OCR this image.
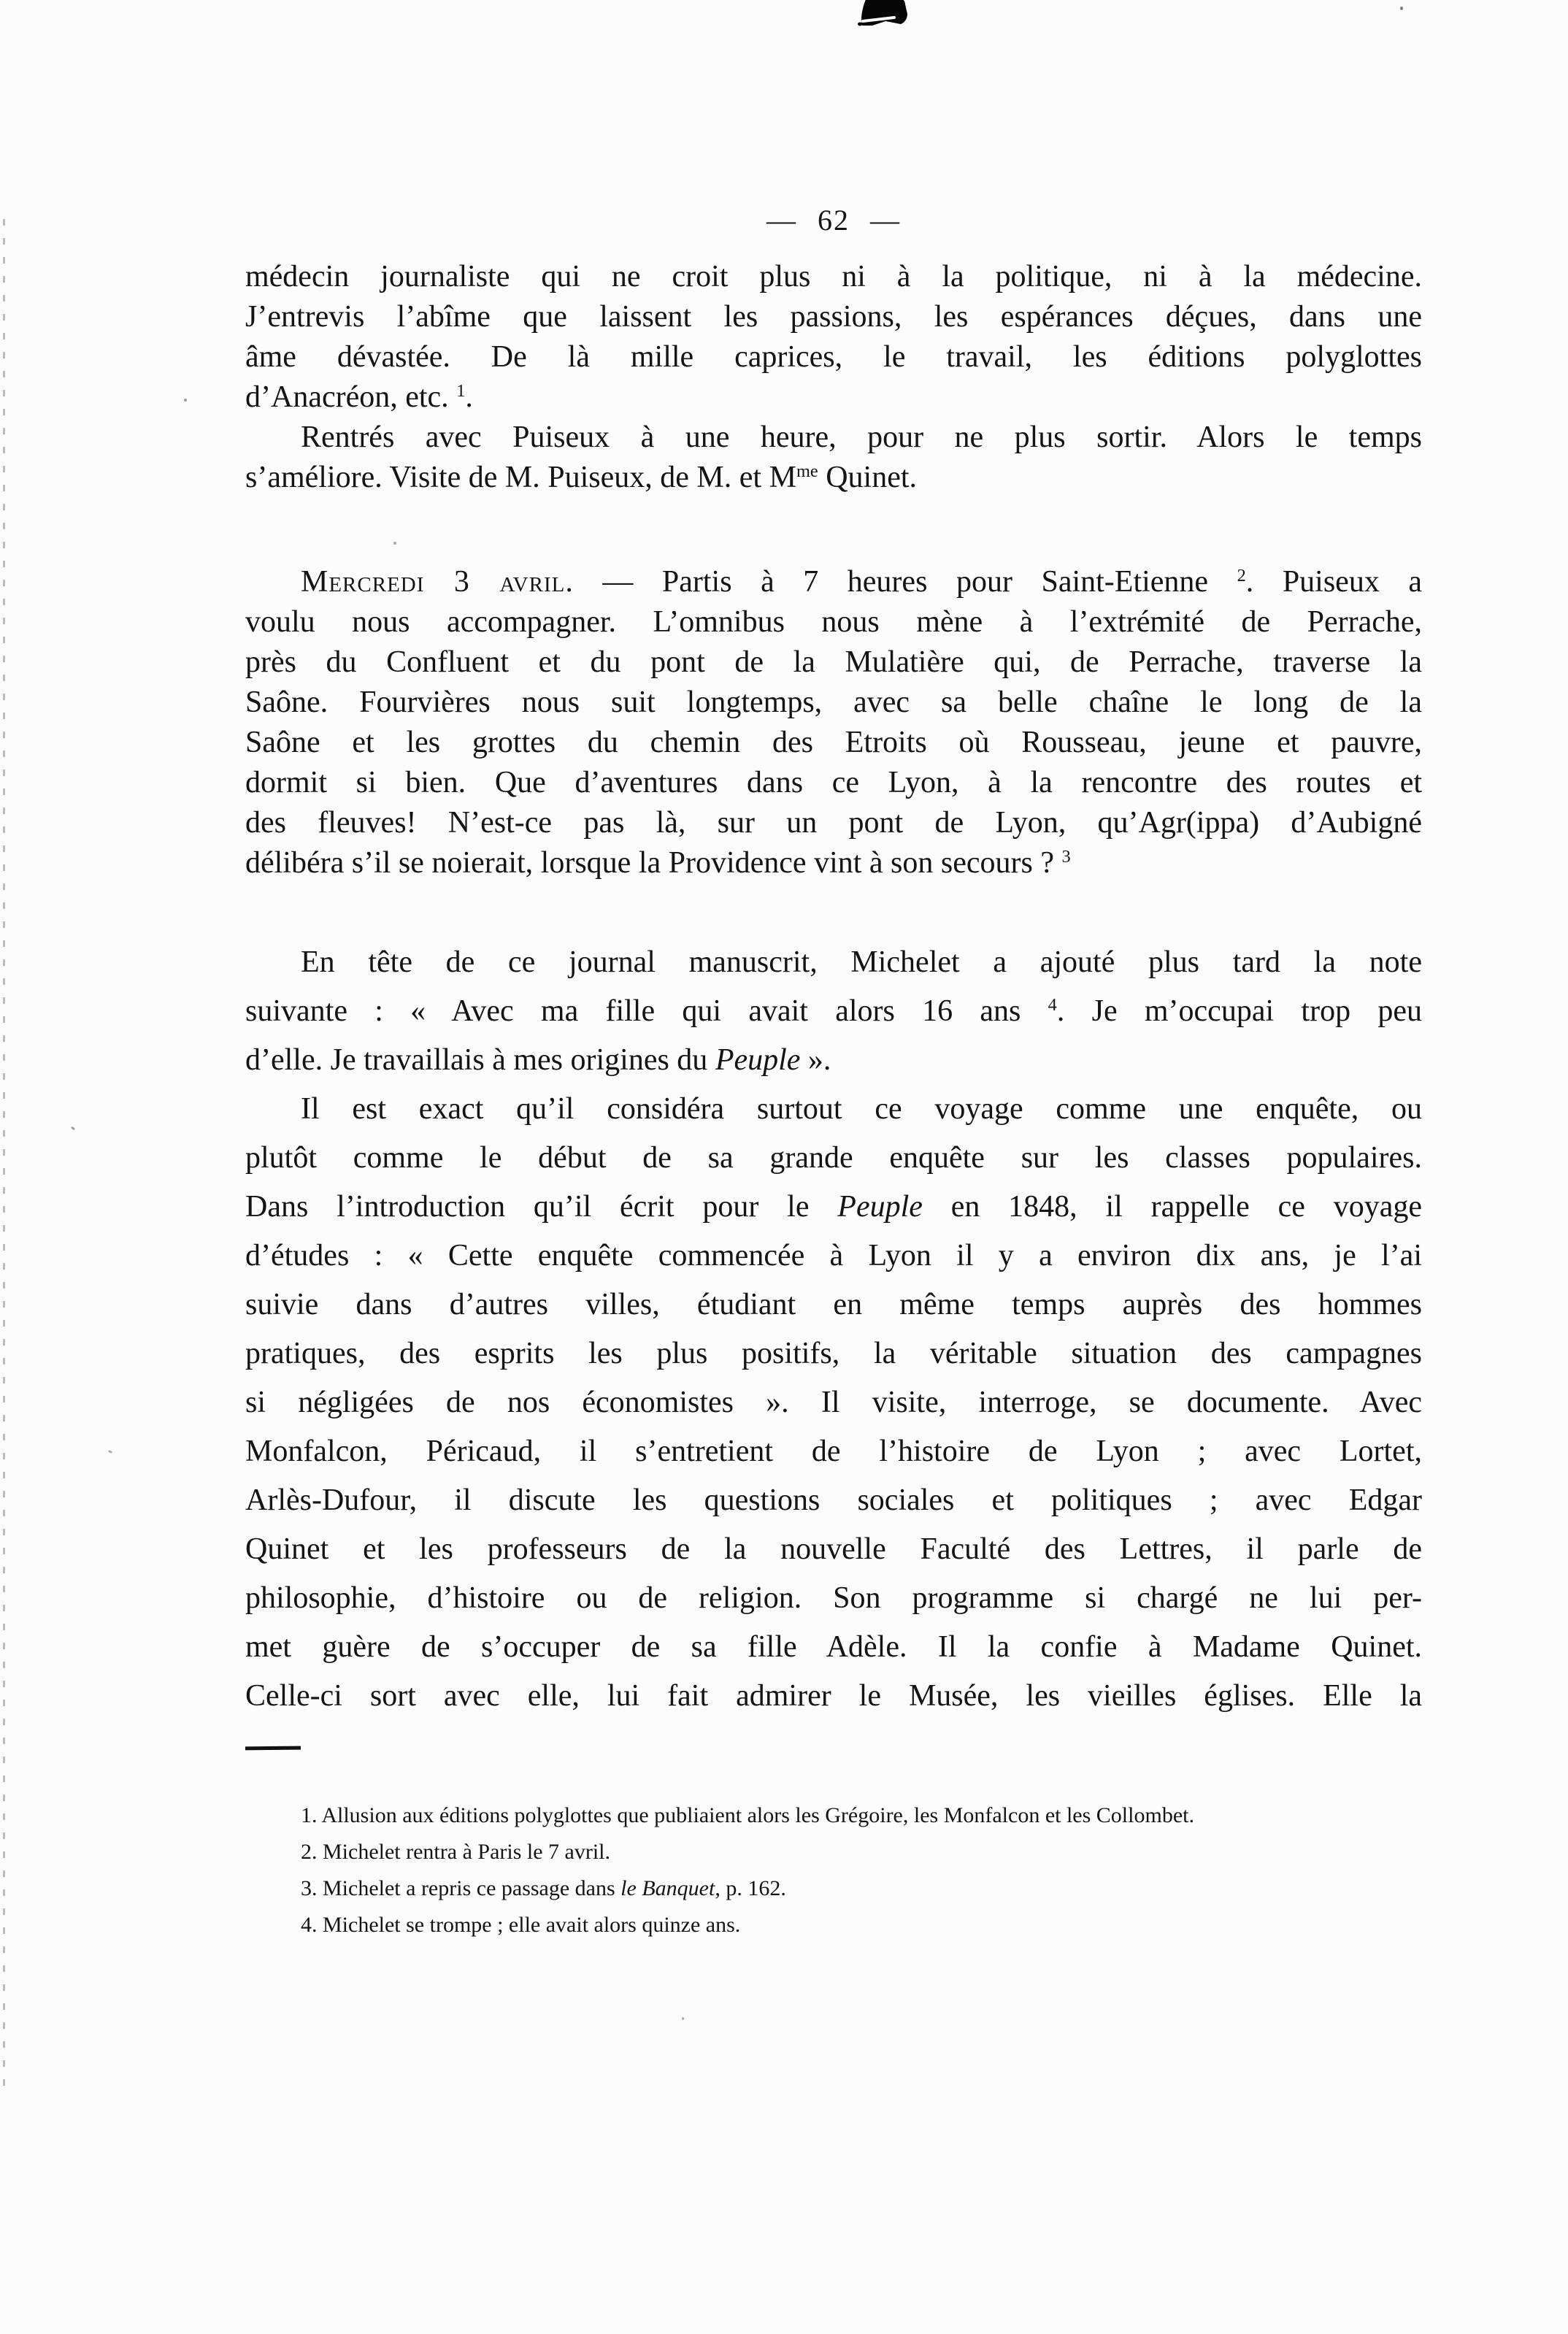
— 62 —
médecin journaliste qui ne croit plus ni à la politique, ni à la médecine.
J’entrevis l’abîme que laissent les passions, les espérances déçues, dans une
âme dévastée. De là mille caprices, le travail, les éditions polyglottes
d’Anacréon, etc. $^1$.
Rentrés avec Puiseux à une heure, pour ne plus sortir. Alors le temps
s’améliore. Visite de M. Puiseux, de M. et $M^{me}$ Quinet.
Mercredi 3 avril. — Partis à 7 heures pour Saint-Etienne $^2$. Puiseux a
voulu nous accompagner. L’omnibus nous mène à l’extrémité de Perrache,
près du Confluent et du pont de la Mulatière qui, de Perrache, traverse la
Saône. Fourvières nous suit longtemps, avec sa belle chaîne le long de la
Saône et les grottes du chemin des Etroits où Rousseau, jeune et pauvre,
dormit si bien. Que d’aventures dans ce Lyon, à la rencontre des routes et
des fleuves! N’est-ce pas là, sur un pont de Lyon, qu’Agr(ippa) d’Aubigné
délibéra s’il se noierait, lorsque la Providence vint à son secours ? $^3$
En tête de ce journal manuscrit, Michelet a ajouté plus tard la note
suivante : « Avec ma fille qui avait alors 16 ans $^4$. Je m’occupai trop peu
d’elle. Je travaillais à mes origines du Peuple ».
Il est exact qu’il considéra surtout ce voyage comme une enquête, ou
plutôt comme le début de sa grande enquête sur les classes populaires.
Dans l’introduction qu’il écrit pour le Peuple en 1848, il rappelle ce voyage
d’études : « Cette enquête commencée à Lyon il y a environ dix ans, je l’ai
suivie dans d’autres villes, étudiant en même temps auprès des hommes
pratiques, des esprits les plus positifs, la véritable situation des campagnes
si négligées de nos économistes ». Il visite, interroge, se documente. Avec
Monfalcon, Péricaud, il s’entretient de l’histoire de Lyon ; avec Lortet,
Arlès-Dufour, il discute les questions sociales et politiques ; avec Edgar
Quinet et les professeurs de la nouvelle Faculté des Lettres, il parle de
philosophie, d’histoire ou de religion. Son programme si chargé ne lui per-
met guère de s’occuper de sa fille Adèle. Il la confie à Madame Quinet.
Celle-ci sort avec elle, lui fait admirer le Musée, les vieilles églises. Elle la
1. Allusion aux éditions polyglottes que publiaient alors les Grégoire, les Monfalcon et les Collombet.
2. Michelet rentra à Paris le 7 avril.
3. Michelet a repris ce passage dans le Banquet, p. 162.
4. Michelet se trompe ; elle avait alors quinze ans.
